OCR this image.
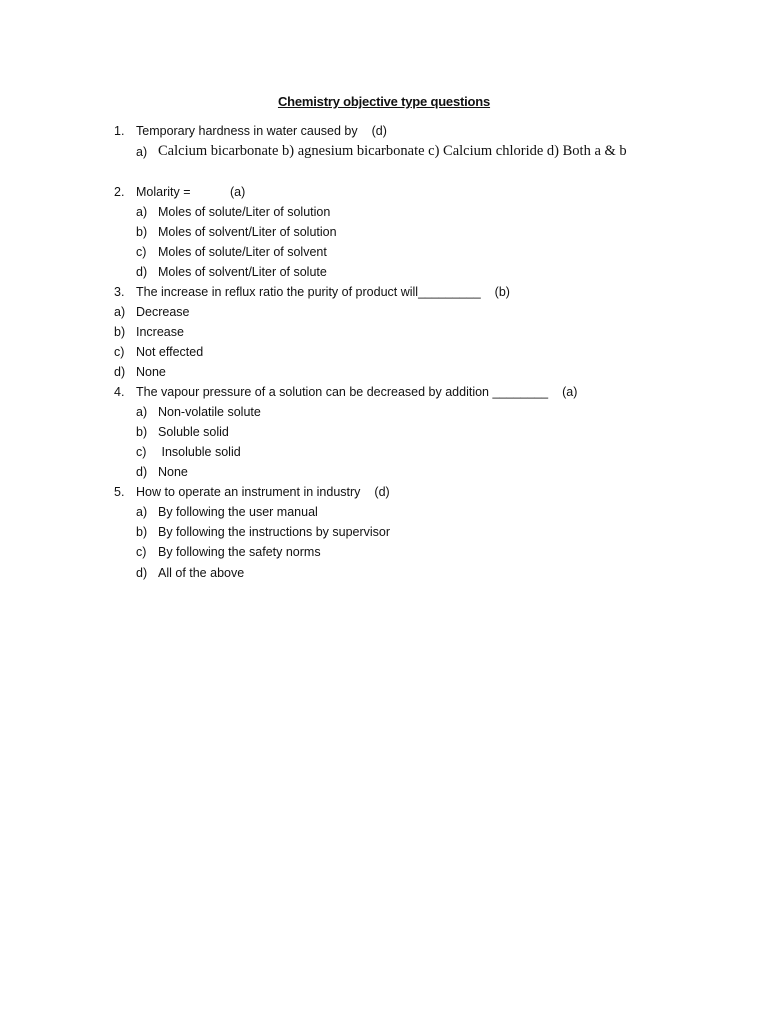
Chemistry objective type questions
1. Temporary hardness in water caused by (d)
a) Calcium bicarbonate b) agnesium bicarbonate c) Calcium chloride d) Both a & b
2. Molarity =	(a)
a) Moles of solute/Liter of solution
b) Moles of solvent/Liter of solution
c) Moles of solute/Liter of solvent
d) Moles of solvent/Liter of solute
3. The increase in reflux ratio the purity of product will_________ (b)
a) Decrease
b) Increase
c) Not effected
d) None
4. The vapour pressure of a solution can be decreased by addition ________ (a)
a) Non-volatile solute
b) Soluble solid
c) Insoluble solid
d) None
5. How to operate an instrument in industry (d)
a) By following the user manual
b) By following the instructions by supervisor
c) By following the safety norms
d) All of the above
